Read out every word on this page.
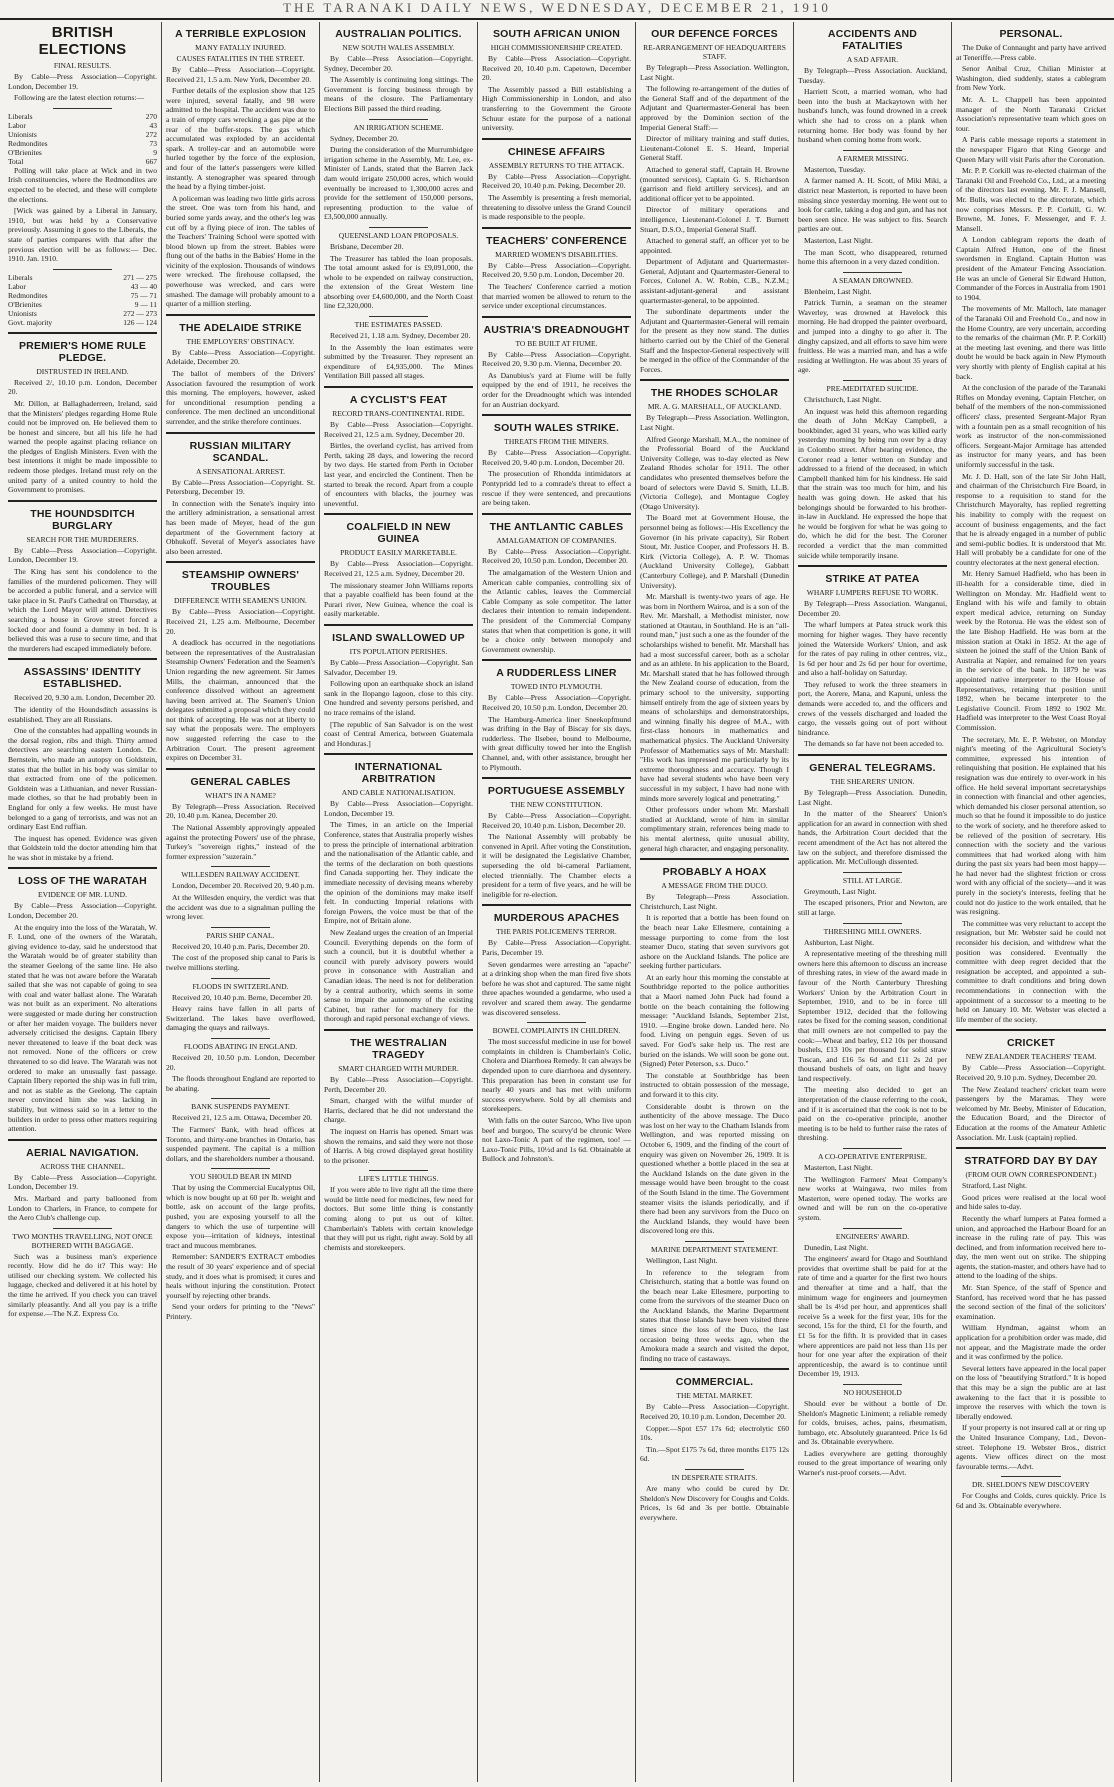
THE TARANAKI DAILY NEWS, WEDNESDAY, DECEMBER 21, 1910
BRITISH ELECTIONS
FINAL RESULTS.

By Cable—Press Association—Copyright. London, December 19.

Following are the latest election returns:—

Liberals	270
Labor	43
Unionists	272
Redmondites	73
O'Brienites	9
Total	667

Polling will take place at Wick and in two Irish constituencies, where the Redmondites are expected to be elected, and these will complete the elections.

[Wick was gained by a Liberal in January, 1910, but was held by a Conservative previously. Assuming it goes to the Liberals, the state of parties compares with that after the previous election will be as follows:— Dec. 1910. Jan. 1910.

Liberals	271 — 275
Labor	43 — 40
Redmondites	75 — 71
O'Brienites	9 — 11
Unionists	272 — 273
Govt. majority	126 — 124
PREMIER'S HOME RULE PLEDGE.
DISTRUSTED IN IRELAND.

Received 2/, 10.10 p.m. London, December 20.

Mr. Dillon, at Ballaghaderreen, Ireland, said that the Ministers' pledges regarding Home Rule could not be improved on. He believed them to be honest and sincere, but all his life he had warned the people against placing reliance on the pledges of English Ministers. Even with the best intentions it might be made impossible to redeem those pledges. Ireland must rely on the united party of a united country to hold the Government to promises.

THE HOUNDSDITCH BURGLARY
SEARCH FOR THE MURDERERS.

By Cable—Press Association—Copyright. London, December 19.

The King has sent his condolence to the families of the murdered policemen. They will be accorded a public funeral, and a service will take place in St. Paul's Cathedral on Thursday, at which the Lord Mayor will attend. Detectives searching a house in Grove street forced a locked door and found a dummy in bed. It is believed this was a ruse to secure time, and that the murderers had escaped immediately before.

ASSASSINS' IDENTITY ESTABLISHED.

Received 20, 9.30 a.m. London, December 20.

The identity of the Houndsditch assassins is established. They are all Russians.

One of the constables had appalling wounds in the dorsal region, ribs and thigh. Thirty armed detectives are searching eastern London. Dr. Bernstein, who made an autopsy on Goldstein, states that the bullet in his body was similar to that extracted from one of the policemen. Goldstein was a Lithuanian, and never Russian-made clothes, so that he had probably been in England for only a few weeks. He must have belonged to a gang of terrorists, and was not an ordinary East End ruffian.

The inquest has opened. Evidence was given that Goldstein told the doctor attending him that he was shot in mistake by a friend.

LOSS OF THE WARATAH
EVIDENCE OF MR. LUND.

By Cable—Press Association—Copyright. London, December 20.

At the enquiry into the loss of the Waratah, W. F. Lund, one of the owners of the Waratah, giving evidence to-day, said he understood that the Waratah would be of greater stability than the steamer Geelong of the same line. He also stated that he was not aware before the Waratah sailed that she was not capable of going to sea with coal and water ballast alone. The Waratah was not built as an experiment. No alterations were suggested or made during her construction or after her maiden voyage. The builders never adversely criticised the designs. Captain Ilbery never threatened to leave if the boat deck was not removed. None of the officers or crew threatened to so did leave. The Waratah was not ordered to make an unusually fast passage. Captain Ilbery reported the ship was in full trim, and not as stable as the Geelong. The captain never convinced him she was lacking in stability, but witness said so in a letter to the builders in order to press other matters requiring attention.

AERIAL NAVIGATION.
ACROSS THE CHANNEL.

By Cable—Press Association—Copyright. London, December 19.

Mrs. Marbard and party ballooned from London to Charlers, in France, to compete for the Aero Club's challenge cup.

TWO MONTHS TRAVELLING, NOT ONCE BOTHERED WITH BAGGAGE.

Such was a business man's experience recently. How did he do it? This way: He utilised our checking system. We collected his luggage, checked and delivered it at his hotel by the time he arrived. If you check you can travel similarly pleasantly. And all you pay is a trifle for expense.—The N.Z. Express Co.

A TERRIBLE EXPLOSION
MANY FATALLY INJURED.
CAUSES FATALITIES IN THE STREET.

By Cable—Press Association—Copyright. Received 21, 1.5 a.m. New York, December 20.

Further details of the explosion show that 125 were injured, several fatally, and 98 were admitted to the hospital. The accident was due to a train of empty cars wrecking a gas pipe at the rear of the buffer-stops. The gas which accumulated was exploded by an accidental spark. A trolley-car and an automobile were hurled together by the force of the explosion, and four of the latter's passengers were killed instantly. A stenographer was speared through the head by a flying timber-joist.

A policeman was leading two little girls across the street. One was torn from his hand, and buried some yards away, and the other's leg was cut off by a flying piece of iron. The tables of the Teachers' Training School were spotted with blood blown up from the street. Babies were flung out of the baths in the Babies' Home in the vicinity of the explosion. Thousands of windows were wrecked. The firehouse collapsed, the powerhouse was wrecked, and cars were smashed. The damage will probably amount to a quarter of a million sterling.

THE ADELAIDE STRIKE
THE EMPLOYERS' OBSTINACY.

By Cable—Press Association—Copyright. Adelaide, December 20.

The ballot of members of the Drivers' Association favoured the resumption of work this morning. The employers, however, asked for unconditional resumption pending a conference. The men declined an unconditional surrender, and the strike therefore continues.

RUSSIAN MILITARY SCANDAL.
A SENSATIONAL ARREST.

By Cable—Press Association—Copyright. St. Petersburg, December 19.

In connection with the Senate's inquiry into the artillery administration, a sensational arrest has been made of Meyer, head of the gun department of the Government factory at Obhukoff. Several of Meyer's associates have also been arrested.

STEAMSHIP OWNERS' TROUBLES
DIFFERENCE WITH SEAMEN'S UNION.

By Cable—Press Association—Copyright. Received 21, 1.25 a.m. Melbourne, December 20.

A deadlock has occurred in the negotiations between the representatives of the Australasian Steamship Owners' Federation and the Seamen's Union regarding the new agreement. Sir James Mills, the chairman, announced that the conference dissolved without an agreement having been arrived at. The Seamen's Union delegates submitted a proposal which they could not think of accepting. He was not at liberty to say what the proposals were. The employers now suggested referring the case to the Arbitration Court. The present agreement expires on December 31.

GENERAL CABLES
WHAT'S IN A NAME?

By Telegraph—Press Association. Received 20, 10.40 p.m. Kanea, December 20.

The National Assembly approvingly appealed against the protecting Powers' use of the phrase, Turkey's "sovereign rights," instead of the former expression "suzerain."

WILLESDEN RAILWAY ACCIDENT.

London, December 20. Received 20, 9.40 p.m.

At the Willesden enquiry, the verdict was that the accident was due to a signalman pulling the wrong lever.

PARIS SHIP CANAL.

Received 20, 10.40 p.m. Paris, December 20.

The cost of the proposed ship canal to Paris is twelve millions sterling.

FLOODS IN SWITZERLAND.

Received 20, 10.40 p.m. Berne, December 20.

Heavy rains have fallen in all parts of Switzerland. The lakes have overflowed, damaging the quays and railways.

FLOODS ABATING IN ENGLAND.

Received 20, 10.50 p.m. London, December 20.

The floods throughout England are reported to be abating.

BANK SUSPENDS PAYMENT.

Received 21, 12.5 a.m. Ottawa, December 20.

The Farmers' Bank, with head offices at Toronto, and thirty-one branches in Ontario, has suspended payment. The capital is a million dollars, and the shareholders number a thousand.

YOU SHOULD BEAR IN MIND

That by using the Commercial Eucalyptus Oil, which is now bought up at 60 per lb. weight and bottle, ask on account of the large profits, pushed, you are exposing yourself to all the dangers to which the use of turpentine will expose you—irritation of kidneys, intestinal tract and mucous membranes.

Remember: SANDER'S EXTRACT embodies the result of 30 years' experience and of special study, and it does what is promised; it cures and heals without injuring the constitution. Protect yourself by rejecting other brands.

Send your orders for printing to the "News" Printery.

AUSTRALIAN POLITICS.
NEW SOUTH WALES ASSEMBLY.

By Cable—Press Association—Copyright. Sydney, December 20.

The Assembly is continuing long sittings. The Government is forcing business through by means of the closure. The Parliamentary Elections Bill passed the third reading.

AN IRRIGATION SCHEME.

Sydney, December 20.

During the consideration of the Murrumbidgee irrigation scheme in the Assembly, Mr. Lee, ex-Minister of Lands, stated that the Barren Jack dam would irrigate 250,000 acres, which would eventually be increased to 1,300,000 acres and provide for the settlement of 150,000 persons, representing production to the value of £3,500,000 annually.

QUEENSLAND LOAN PROPOSALS.

Brisbane, December 20.

The Treasurer has tabled the loan proposals. The total amount asked for is £9,091,000, the whole to be expended on railway construction, the extension of the Great Western line absorbing over £4,600,000, and the North Coast line £2,320,000.

THE ESTIMATES PASSED.

Received 21, 1.18 a.m. Sydney, December 20.

In the Assembly the loan estimates were submitted by the Treasurer. They represent an expenditure of £4,935,000. The Mines Ventilation Bill passed all stages.

A CYCLIST'S FEAT
RECORD TRANS-CONTINENTAL RIDE.

By Cable—Press Association—Copyright. Received 21, 12.5 a.m. Sydney, December 20.

Birtles, the overland cyclist, has arrived from Perth, taking 28 days, and lowering the record by two days. He started from Perth in October last year, and encircled the Continent. Then he started to break the record. Apart from a couple of encounters with blacks, the journey was uneventful.

COALFIELD IN NEW GUINEA
PRODUCT EASILY MARKETABLE.

By Cable—Press Association—Copyright. Received 21, 12.5 a.m. Sydney, December 20.

The missionary steamer John Williams reports that a payable coalfield has been found at the Purari river, New Guinea, whence the coal is easily marketable.

ISLAND SWALLOWED UP
ITS POPULATION PERISHES.

By Cable—Press Association—Copyright. San Salvador, December 19.

Following upon an earthquake shock an island sank in the Ilopango lagoon, close to this city. One hundred and seventy persons perished, and no trace remains of the island.

[The republic of San Salvador is on the west coast of Central America, between Guatemala and Honduras.]

INTERNATIONAL ARBITRATION
AND CABLE NATIONALISATION.

By Cable—Press Association—Copyright. London, December 19.

The Times, in an article on the Imperial Conference, states that Australia properly wishes to press the principle of international arbitration and the nationalisation of the Atlantic cable, and the terms of the declaration on both questions find Canada supporting her. They indicate the immediate necessity of devising means whereby the opinion of the dominions may make itself felt. In conducting Imperial relations with foreign Powers, the voice must be that of the Empire, not of Britain alone.

New Zealand urges the creation of an Imperial Council. Everything depends on the form of such a council, but it is doubtful whether a council with purely advisory powers would prove in consonance with Australian and Canadian ideas. The need is not for deliberation by a central authority, which seems in some sense to impair the autonomy of the existing Cabinet, but rather for machinery for the thorough and rapid personal exchange of views.

THE WESTRALIAN TRAGEDY
SMART CHARGED WITH MURDER.

By Cable—Press Association—Copyright. Perth, December 20.

Smart, charged with the wilful murder of Harris, declared that he did not understand the charge.

The inquest on Harris has opened. Smart was shown the remains, and said they were not those of Harris. A big crowd displayed great hostility to the prisoner.

LIFE'S LITTLE THINGS.

If you were able to live right all the time there would be little need for medicines, few need for doctors. But some little thing is constantly coming along to put us out of kilter. Chamberlain's Tablets with certain knowledge that they will put us right, right away. Sold by all chemists and storekeepers.

SOUTH AFRICAN UNION
HIGH COMMISSIONERSHIP CREATED.

By Cable—Press Association—Copyright. Received 20, 10.40 p.m. Capetown, December 20.

The Assembly passed a Bill establishing a High Commissionership in London, and also transferring to the Government the Groote Schuur estate for the purpose of a national university.

CHINESE AFFAIRS
ASSEMBLY RETURNS TO THE ATTACK.

By Cable—Press Association—Copyright. Received 20, 10.40 p.m. Peking, December 20.

The Assembly is presenting a fresh memorial, threatening to dissolve unless the Grand Council is made responsible to the people.

TEACHERS' CONFERENCE
MARRIED WOMEN'S DISABILITIES.

By Cable—Press Association—Copyright. Received 20, 9.50 p.m. London, December 20.

The Teachers' Conference carried a motion that married women be allowed to return to the service under exceptional circumstances.

AUSTRIA'S DREADNOUGHT
TO BE BUILT AT FIUME.

By Cable—Press Association—Copyright. Received 20, 9.30 p.m. Vienna, December 20.

As Danubius's yard at Fiume will be fully equipped by the end of 1911, he receives the order for the Dreadnought which was intended for an Austrian dockyard.

SOUTH WALES STRIKE.
THREATS FROM THE MINERS.

By Cable—Press Association—Copyright. Received 20, 9.40 p.m. London, December 20.

The prosecution of Rhondda intimidators at Pontypridd led to a comrade's threat to effect a rescue if they were sentenced, and precautions are being taken.

THE ANTLANTIC CABLES
AMALGAMATION OF COMPANIES.

By Cable—Press Association—Copyright. Received 20, 10.50 p.m. London, December 20.

The amalgamation of the Western Union and American cable companies, controlling six of the Atlantic cables, leaves the Commercial Cable Company as sole competitor. The latter declares their intention to remain independent. The president of the Commercial Company states that when that competition is gone, it will be a choice only between monopoly and Government ownership.

A RUDDERLESS LINER
TOWED INTO PLYMOUTH.

By Cable—Press Association—Copyright. Received 20, 10.50 p.m. London, December 20.

The Hamburg-America liner Sneekopfmund was drifting in the Bay of Biscay for six days, rudderless. The Ilsebee, bound to Melbourne, with great difficulty towed her into the English Channel, and, with other assistance, brought her to Plymouth.

PORTUGUESE ASSEMBLY
THE NEW CONSTITUTION.

By Cable—Press Association—Copyright. Received 20, 10.40 p.m. Lisbon, December 20.

The National Assembly will probably be convened in April. After voting the Constitution, it will be designated the Legislative Chamber, superseding the old bi-cameral Parliament, elected triennially. The Chamber elects a president for a term of five years, and he will be ineligible for re-election.

MURDEROUS APACHES
THE PARIS POLICEMEN'S TERROR.

By Cable—Press Association—Copyright. Paris, December 19.

Seven gendarmes were arresting an "apache" at a drinking shop when the man fired five shots before he was shot and captured. The same night three apaches wounded a gendarme, who used a revolver and scared them away. The gendarme was discovered senseless.

BOWEL COMPLAINTS IN CHILDREN.

The most successful medicine in use for bowel complaints in children is Chamberlain's Colic, Cholera and Diarrhoea Remedy. It can always be depended upon to cure diarrhoea and dysentery. This preparation has been in constant use for nearly 40 years and has met with uniform success everywhere. Sold by all chemists and storekeepers.

With falls on the outer Sarcoo, Who live upon beef and burgoo, The scurvy'd be chronic Were not Laxo-Tonic A part of the regimen, too! — Laxo-Tonic Pills, 10½d and 1s 6d. Obtainable at Bullock and Johnston's.

OUR DEFENCE FORCES
RE-ARRANGEMENT OF HEADQUARTERS STAFF.

By Telegraph—Press Association. Wellington, Last Night.

The following re-arrangement of the duties of the General Staff and of the department of the Adjutant and Quartermaster-General has been approved by the Dominion section of the Imperial General Staff:—

Director of military training and staff duties, Lieutenant-Colonel E. S. Heard, Imperial General Staff.

Attached to general staff, Captain H. Browne (mounted services), Captain G. S. Richardson (garrison and field artillery services), and an additional officer yet to be appointed.

Director of military operations and intelligence, Lieutenant-Colonel J. T. Burnett Stuart, D.S.O., Imperial General Staff.

Attached to general staff, an officer yet to be appointed.

Department of Adjutant and Quartermaster-General, Adjutant and Quartermaster-General to Forces, Colonel A. W. Robin, C.B., N.Z.M.; assistant-adjutant-general and assistant quartermaster-general, to be appointed.

The subordinate departments under the Adjutant and Quartermaster-General will remain for the present as they now stand. The duties hitherto carried out by the Chief of the General Staff and the Inspector-General respectively will be merged in the office of the Commander of the Forces.

THE RHODES SCHOLAR
MR. A. G. MARSHALL, OF AUCKLAND.

By Telegraph—Press Association. Wellington, Last Night.

Alfred George Marshall, M.A., the nominee of the Professorial Board of the Auckland University College, was to-day elected as New Zealand Rhodes scholar for 1911. The other candidates who presented themselves before the board of selectors were David S. Smith, LL.B. (Victoria College), and Montague Cogley (Otago University).

The Board met at Government House, the personnel being as follows:—His Excellency the Governor (in his private capacity), Sir Robert Stout, Mr. Justice Cooper, and Professors H. B. Kirk (Victoria College), A. P. W. Thomas (Auckland University College), Gabbatt (Canterbury College), and P. Marshall (Dunedin University).

Mr. Marshall is twenty-two years of age. He was born in Northern Wairoa, and is a son of the Rev. Mr. Marshall, a Methodist minister, now stationed at Otautau, in Southland. He is an "all-round man," just such a one as the founder of the scholarships wished to benefit. Mr. Marshall has had a most successful career, both as a scholar and as an athlete. In his application to the Board, Mr. Marshall stated that he has followed through the New Zealand course of education, from the primary school to the university, supporting himself entirely from the age of sixteen years by means of scholarships and demonstratorships, and winning finally his degree of M.A., with first-class honours in mathematics and mathematical physics. The Auckland University Professor of Mathematics says of Mr. Marshall: "His work has impressed me particularly by its extreme thoroughness and accuracy. Though I have had several students who have been very successful in my subject, I have had none with minds more severely logical and penetrating."

Other professors under whom Mr. Marshall studied at Auckland, wrote of him in similar complimentary strain, references being made to his mental alertness, quite unusual ability, general high character, and engaging personality.

PROBABLY A HOAX
A MESSAGE FROM THE DUCO.

By Telegraph—Press Association. Christchurch, Last Night.

It is reported that a bottle has been found on the beach near Lake Ellesmere, containing a message purporting to come from the lost steamer Duco, stating that seven survivors got ashore on the Auckland Islands. The police are seeking further particulars.

At an early hour this morning the constable at Southbridge reported to the police authorities that a Maori named John Puck had found a bottle on the beach containing the following message: "Auckland Islands, September 21st, 1910. —Engine broke down. Landed here. No food. Living on penguin eggs. Seven of us saved. For God's sake help us. The rest are buried on the islands. We will soon be gone out. (Signed) Peter Peterson, s.s. Duco."

The constable at Southbridge has been instructed to obtain possession of the message, and forward it to this city.

Considerable doubt is thrown on the authenticity of the above message. The Duco was lost on her way to the Chatham Islands from Wellington, and was reported missing on October 6, 1909, and the finding of the court of enquiry was given on November 26, 1909. It is questioned whether a bottle placed in the sea at the Auckland Islands on the date given in the message would have been brought to the coast of the South Island in the time. The Government steamer visits the islands periodically, and if there had been any survivors from the Duco on the Auckland Islands, they would have been discovered long ere this.

MARINE DEPARTMENT STATEMENT.

Wellington, Last Night.

In reference to the telegram from Christchurch, stating that a bottle was found on the beach near Lake Ellesmere, purporting to come from the survivors of the steamer Duco on the Auckland Islands, the Marine Department states that those islands have been visited three times since the loss of the Duco, the last occasion being three weeks ago, when the Amokura made a search and visited the depot, finding no trace of castaways.

COMMERCIAL.
THE METAL MARKET.

By Cable—Press Association—Copyright. Received 20, 10.10 p.m. London, December 20.

Copper.—Spot £57 17s 6d; electrolytic £60 10s.

Tin.—Spot £175 7s 6d, three months £175 12s 6d.

IN DESPERATE STRAITS.

Are many who could be cured by Dr. Sheldon's New Discovery for Coughs and Colds. Prices, 1s 6d and 3s per bottle. Obtainable everywhere.

ACCIDENTS AND FATALITIES
A SAD AFFAIR.

By Telegraph—Press Association. Auckland, Tuesday.

Harriett Scott, a married woman, who had been into the bush at Mackaytown with her husband's lunch, was found drowned in a creek which she had to cross on a plank when returning home. Her body was found by her husband when coming home from work.

A FARMER MISSING.

Masterton, Tuesday.

A farmer named A. H. Scott, of Miki Miki, a district near Masterton, is reported to have been missing since yesterday morning. He went out to look for cattle, taking a dog and gun, and has not been seen since. He was subject to fits. Search parties are out.

Masterton, Last Night.

The man Scott, who disappeared, returned home this afternoon in a very dazed condition.

A SEAMAN DROWNED.

Blenheim, Last Night.

Patrick Turnin, a seaman on the steamer Waverley, was drowned at Havelock this morning. He had dropped the painter overboard, and jumped into a dinghy to go after it. The dinghy capsized, and all efforts to save him were fruitless. He was a married man, and has a wife residing at Wellington. He was about 35 years of age.

PRE-MEDITATED SUICIDE.

Christchurch, Last Night.

An inquest was held this afternoon regarding the death of John McKay Campbell, a bookbinder, aged 31 years, who was killed early yesterday morning by being run over by a dray in Colombo street. After hearing evidence, the Coroner read a letter written on Sunday and addressed to a friend of the deceased, in which Campbell thanked him for his kindness. He said that the strain was too much for him, and his health was going down. He asked that his belongings should be forwarded to his brother-in-law in Auckland. He expressed the hope that he would be forgiven for what he was going to do, which he did for the best. The Coroner recorded a verdict that the man committed suicide while temporarily insane.

STRIKE AT PATEA
WHARF LUMPERS REFUSE TO WORK.

By Telegraph—Press Association. Wanganui, December 20.

The wharf lumpers at Patea struck work this morning for higher wages. They have recently joined the Waterside Workers' Union, and ask for the rates of pay ruling in other centres, viz., 1s 6d per hour and 2s 6d per hour for overtime, and also a half-holiday on Saturday.

They refused to work the three steamers in port, the Aorere, Mana, and Kapuni, unless the demands were acceded to, and the officers and crews of the vessels discharged and loaded the cargo, the vessels going out of port without hindrance.

The demands so far have not been acceded to.

GENERAL TELEGRAMS.
THE SHEARERS' UNION.

By Telegraph—Press Association. Dunedin, Last Night.

In the matter of the Shearers' Union's application for an award in connection with shed hands, the Arbitration Court decided that the recent amendment of the Act has not altered the law on the subject, and therefore dismissed the application. Mr. McCullough dissented.

STILL AT LARGE.

Greymouth, Last Night.

The escaped prisoners, Prior and Newton, are still at large.

THRESHING MILL OWNERS.

Ashburton, Last Night.

A representative meeting of the threshing mill owners here this afternoon to discuss an increase of threshing rates, in view of the award made in favour of the North Canterbury Threshing Workers' Union by the Arbitration Court in September, 1910, and to be in force till September 1912, decided that the following rates be fixed for the coming season, conditional that mill owners are not compelled to pay the cook:—Wheat and barley, £12 10s per thousand bushels, £13 10s per thousand for solid straw Tuscan, and £16 5s 6d and £11 2s 2d per thousand bushels of oats, on light and heavy land respectively.

The meeting also decided to get an interpretation of the clause referring to the cook, and if it is ascertained that the cook is not to be paid on the co-operative principle, another meeting is to be held to further raise the rates of threshing.

A CO-OPERATIVE ENTERPRISE.

Masterton, Last Night.

The Wellington Farmers' Meat Company's new works at Waingawa, two miles from Masterton, were opened today. The works are owned and will be run on the co-operative system.

ENGINEERS' AWARD.

Dunedin, Last Night.

The engineers' award for Otago and Southland provides that overtime shall be paid for at the rate of time and a quarter for the first two hours and thereafter at time and a half, that the minimum wage for engineers and journeymen shall be 1s 4½d per hour, and apprentices shall receive 5s a week for the first year, 10s for the second, 15s for the third, £1 for the fourth, and £1 5s for the fifth. It is provided that in cases where apprentices are paid not less than 11s per hour for one year after the expiration of their apprenticeship, the award is to continue until December 19, 1913.

NO HOUSEHOLD

Should ever be without a bottle of Dr. Sheldon's Magnetic Liniment; a reliable remedy for colds, bruises, aches, pains, rheumatism, lumbago, etc. Absolutely guaranteed. Price 1s 6d and 3s. Obtainable everywhere.

Ladies everywhere are getting thoroughly roused to the great importance of wearing only Warner's rust-proof corsets.—Advt.

PERSONAL.

The Duke of Connaught and party have arrived at Teneriffe.—Press cable.

Senor Anibal Cruz, Chilian Minister at Washington, died suddenly, states a cablegram from New York.

Mr. A. L. Chappell has been appointed manager of the North Taranaki Cricket Association's representative team which goes on tour.

A Paris cable message reports a statement in the newspaper Figaro that King George and Queen Mary will visit Paris after the Coronation.

Mr. P. P. Corkill was re-elected chairman of the Taranaki Oil and Freehold Co., Ltd., at a meeting of the directors last evening. Mr. F. J. Mansell, Mr. Bulls, was elected to the directorate, which now comprises Messrs. P. P. Corkill, G. W. Browne, M. Jones, F. Messenger, and F. J. Mansell.

A London cablegram reports the death of Captain Alfred Hutton, one of the finest swordsmen in England. Captain Hutton was president of the Amateur Fencing Association. He was an uncle of General Sir Edward Hutton, Commander of the Forces in Australia from 1901 to 1904.

The movements of Mr. Malloch, late manager of the Taranaki Oil and Freehold Co., and now in the Home Country, are very uncertain, according to the remarks of the chairman (Mr. P. P. Corkill) at the meeting last evening, and there was little doubt he would be back again in New Plymouth very shortly with plenty of English capital at his back.

At the conclusion of the parade of the Taranaki Rifles on Monday evening, Captain Fletcher, on behalf of the members of the non-commissioned officers' class, presented Sergeant-Major Ryan with a fountain pen as a small recognition of his work as instructor of the non-commissioned officers. Sergeant-Major Armitage has attended as instructor for many years, and has been uniformly successful in the task.

Mr. J. D. Hall, son of the late Sir John Hall, and chairman of the Christchurch Fire Board, in response to a requisition to stand for the Christchurch Mayoralty, has replied regretting his inability to comply with the request on account of business engagements, and the fact that he is already engaged in a number of public and semi-public bodies. It is understood that Mr. Hall will probably be a candidate for one of the country electorates at the next general election.

Mr. Henry Samuel Hadfield, who has been in ill-health for a considerable time, died in Wellington on Monday. Mr. Hadfield went to England with his wife and family to obtain expert medical advice, returning on Sunday week by the Rotorua. He was the eldest son of the late Bishop Hadfield. He was born at the mission station at Otaki in 1852. At the age of sixteen he joined the staff of the Union Bank of Australia at Napier, and remained for ten years in the service of the bank. In 1879 he was appointed native interpreter to the House of Representatives, retaining that position until 1892, when he became interpreter to the Legislative Council. From 1892 to 1902 Mr. Hadfield was interpreter to the West Coast Royal Commission.

The secretary, Mr. E. P. Webster, on Monday night's meeting of the Agricultural Society's committee, expressed his intention of relinquishing that position. He explained that his resignation was due entirely to over-work in his office. He held several important secretaryships in connection with financial and other agencies, which demanded his closer personal attention, so much so that he found it impossible to do justice to the work of society, and he therefore asked to be relieved of the position of secretary. His connection with the society and the various committees that had worked along with him during the past six years had been most happy—he had never had the slightest friction or cross word with any official of the society—and it was purely in the society's interests, feeling that he could not do justice to the work entailed, that he was resigning.

The committee was very reluctant to accept the resignation, but Mr. Webster said he could not reconsider his decision, and withdrew what the position was considered. Eventually the committee with deep regret decided that the resignation be accepted, and appointed a sub-committee to draft conditions and bring down recommendations in connection with the appointment of a successor to a meeting to be held on January 10. Mr. Webster was elected a life member of the society.

CRICKET
NEW ZEALANDER TEACHERS' TEAM.

By Cable—Press Association—Copyright. Received 20, 9.10 p.m. Sydney, December 20.

The New Zealand teachers' cricket team were passengers by the Maramas. They were welcomed by Mr. Beeby, Minister of Education, the Education Board, and the Director of Education at the rooms of the Amateur Athletic Association. Mr. Lusk (captain) replied.

STRATFORD DAY BY DAY
(FROM OUR OWN CORRESPONDENT.)

Stratford, Last Night.

Good prices were realised at the local wool and hide sales to-day.

Recently the wharf lumpers at Patea formed a union, and approached the Harbour Board for an increase in the ruling rate of pay. This was declined, and from information received here to-day, the men went out on strike. The shipping agents, the station-master, and others have had to attend to the loading of the ships.

Mr. Stan Spence, of the staff of Spence and Stanford, has received word that he has passed the second section of the final of the solicitors' examination.

William Hyndman, against whom an application for a prohibition order was made, did not appear, and the Magistrate made the order and it was confirmed by the police.

Several letters have appeared in the local paper on the loss of "beautifying Stratford." It is hoped that this may be a sign the public are at last awakening to the fact that it is possible to improve the reserves with which the town is liberally endowed.

If your property is not insured call at or ring up the United Insurance Company, Ltd., Devon-street. Telephone 19. Webster Bros., district agents. View offices direct on the most favourable terms.—Advt.

DR. SHELDON'S NEW DISCOVERY

For Coughs and Colds, cures quickly. Price 1s 6d and 3s. Obtainable everywhere.
